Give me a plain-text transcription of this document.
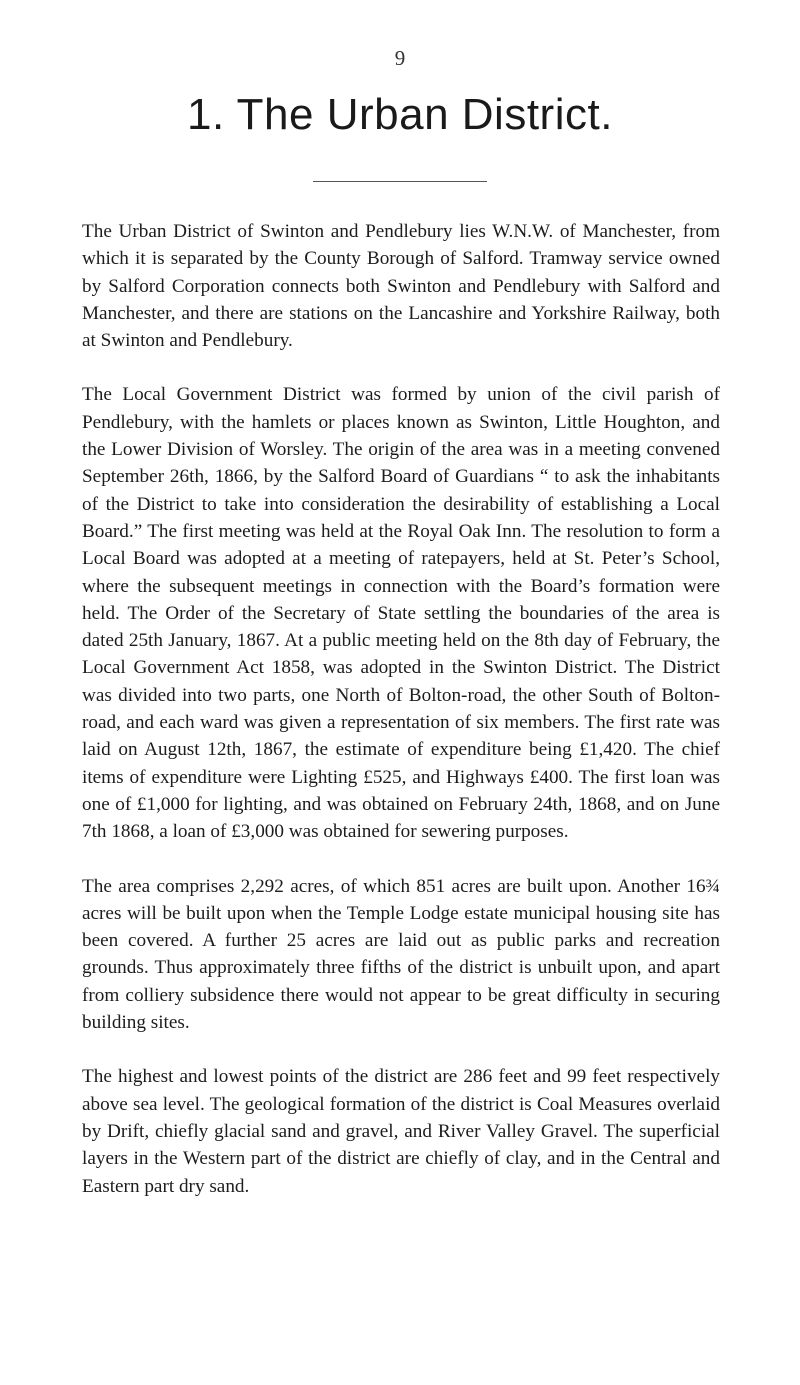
9
1. The Urban District.

The Urban District of Swinton and Pendlebury lies W.N.W. of Manchester, from which it is separated by the County Borough of Salford. Tramway service owned by Salford Corporation connects both Swinton and Pendlebury with Salford and Manchester, and there are stations on the Lancashire and Yorkshire Railway, both at Swinton and Pendlebury.

The Local Government District was formed by union of the civil parish of Pendlebury, with the hamlets or places known as Swinton, Little Houghton, and the Lower Division of Worsley. The origin of the area was in a meeting convened September 26th, 1866, by the Salford Board of Guardians “ to ask the inhabitants of the District to take into consideration the desirability of establishing a Local Board.” The first meeting was held at the Royal Oak Inn. The resolution to form a Local Board was adopted at a meeting of ratepayers, held at St. Peter’s School, where the subsequent meetings in connection with the Board’s formation were held. The Order of the Secretary of State settling the boundaries of the area is dated 25th January, 1867. At a public meeting held on the 8th day of February, the Local Government Act 1858, was adopted in the Swinton District. The District was divided into two parts, one North of Bolton-road, the other South of Bolton-road, and each ward was given a representation of six members. The first rate was laid on August 12th, 1867, the estimate of expenditure being £1,420. The chief items of expenditure were Lighting £525, and Highways £400. The first loan was one of £1,000 for lighting, and was obtained on February 24th, 1868, and on June 7th 1868, a loan of £3,000 was obtained for sewering purposes.

The area comprises 2,292 acres, of which 851 acres are built upon. Another 16¾ acres will be built upon when the Temple Lodge estate municipal housing site has been covered. A further 25 acres are laid out as public parks and recreation grounds. Thus approximately three fifths of the district is unbuilt upon, and apart from colliery subsidence there would not appear to be great difficulty in securing building sites.

The highest and lowest points of the district are 286 feet and 99 feet respectively above sea level. The geological formation of the district is Coal Measures overlaid by Drift, chiefly glacial sand and gravel, and River Valley Gravel. The superficial layers in the Western part of the district are chiefly of clay, and in the Central and Eastern part dry sand.
